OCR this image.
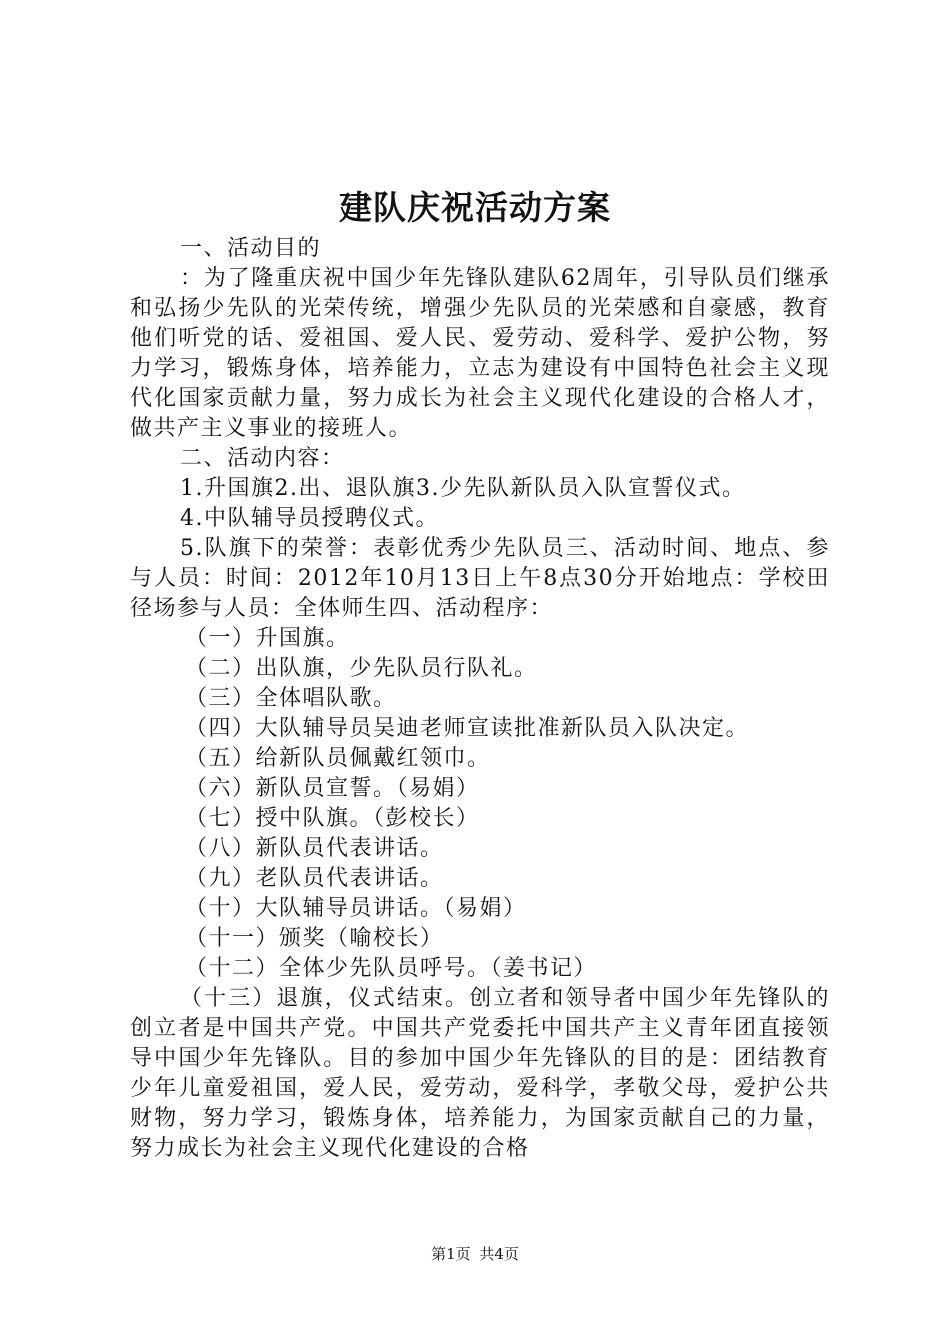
建队庆祝活动方案

一、活动目的

：为了隆重庆祝中国少年先锋队建队62周年，引导队员们继承和弘扬少先队的光荣传统，增强少先队员的光荣感和自豪感，教育他们听党的话、爱祖国、爱人民、爱劳动、爱科学、爱护公物，努力学习，锻炼身体，培养能力，立志为建设有中国特色社会主义现代化国家贡献力量，努力成长为社会主义现代化建设的合格人才，做共产主义事业的接班人。

二、活动内容：

1.升国旗2.出、退队旗3.少先队新队员入队宣誓仪式。

4.中队辅导员授聘仪式。

5.队旗下的荣誉：表彰优秀少先队员三、活动时间、地点、参与人员：时间：2012年10月13日上午8点30分开始地点：学校田径场参与人员：全体师生四、活动程序：

（一）升国旗。

（二）出队旗，少先队员行队礼。

（三）全体唱队歌。

（四）大队辅导员吴迪老师宣读批准新队员入队决定。

（五）给新队员佩戴红领巾。

（六）新队员宣誓。（易娟）

（七）授中队旗。（彭校长）

（八）新队员代表讲话。

（九）老队员代表讲话。

（十）大队辅导员讲话。（易娟）

（十一）颁奖（喻校长）

（十二）全体少先队员呼号。（姜书记）

（十三）退旗，仪式结束。创立者和领导者中国少年先锋队的创立者是中国共产党。中国共产党委托中国共产主义青年团直接领导中国少年先锋队。目的参加中国少年先锋队的目的是：团结教育少年儿童爱祖国，爱人民，爱劳动，爱科学，孝敬父母，爱护公共财物，努力学习，锻炼身体，培养能力，为国家贡献自己的力量，努力成长为社会主义现代化建设的合格

第1页 共4页
